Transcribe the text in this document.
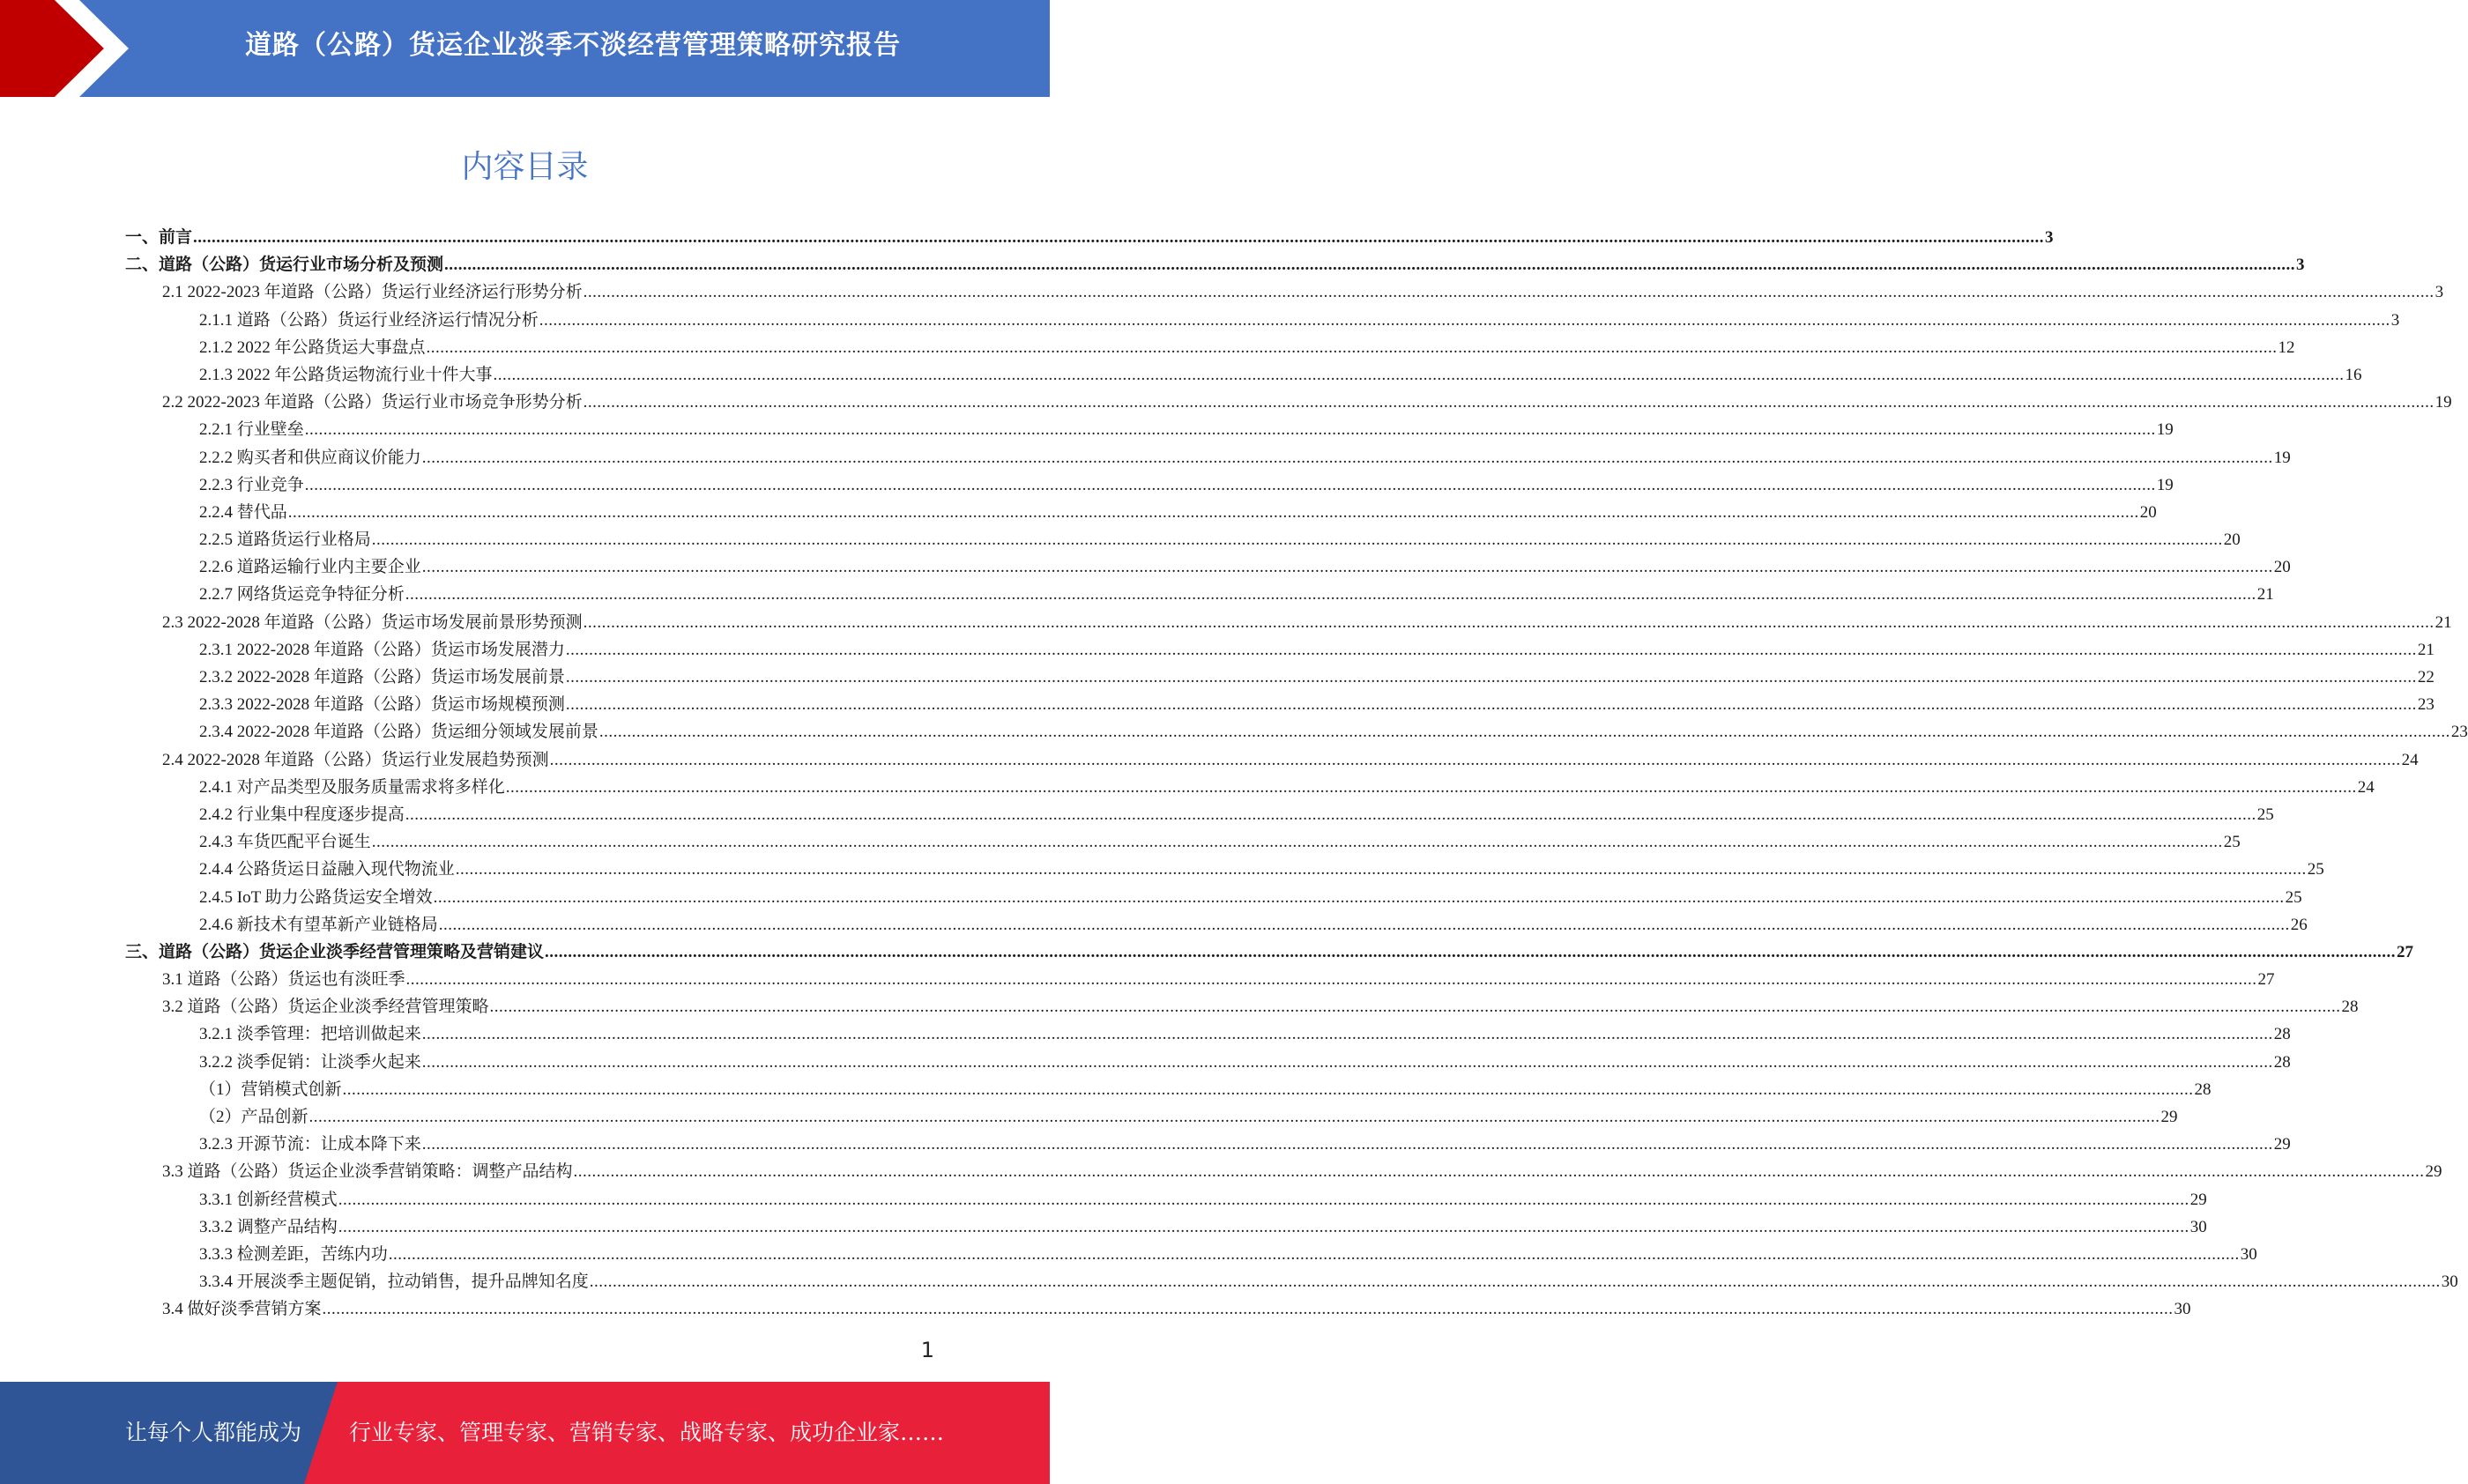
道路（公路）货运企业淡季不淡经营管理策略研究报告
内容目录
一、前言 ................................................................................................................................................................................................................................................................................................................................................................................................................ 3
二、道路（公路）货运行业市场分析及预测 ................................................................................................................................................................................................................................................................................................................................................................................................................ 3
2.1 2022-2023 年道路（公路）货运行业经济运行形势分析 ................................................................................................................................................................................................................................................................................................................................................................................................................ 3
2.1.1 道路（公路）货运行业经济运行情况分析 ................................................................................................................................................................................................................................................................................................................................................................................................................ 3
2.1.2 2022 年公路货运大事盘点 ................................................................................................................................................................................................................................................................................................................................................................................................................ 12
2.1.3 2022 年公路货运物流行业十件大事 ................................................................................................................................................................................................................................................................................................................................................................................................................ 16
2.2 2022-2023 年道路（公路）货运行业市场竞争形势分析 ................................................................................................................................................................................................................................................................................................................................................................................................................ 19
2.2.1 行业壁垒 ................................................................................................................................................................................................................................................................................................................................................................................................................ 19
2.2.2 购买者和供应商议价能力 ................................................................................................................................................................................................................................................................................................................................................................................................................ 19
2.2.3 行业竞争 ................................................................................................................................................................................................................................................................................................................................................................................................................ 19
2.2.4 替代品 ................................................................................................................................................................................................................................................................................................................................................................................................................ 20
2.2.5 道路货运行业格局 ................................................................................................................................................................................................................................................................................................................................................................................................................ 20
2.2.6 道路运输行业内主要企业 ................................................................................................................................................................................................................................................................................................................................................................................................................ 20
2.2.7 网络货运竞争特征分析 ................................................................................................................................................................................................................................................................................................................................................................................................................ 21
2.3 2022-2028 年道路（公路）货运市场发展前景形势预测 ................................................................................................................................................................................................................................................................................................................................................................................................................ 21
2.3.1 2022-2028 年道路（公路）货运市场发展潜力 ................................................................................................................................................................................................................................................................................................................................................................................................................ 21
2.3.2 2022-2028 年道路（公路）货运市场发展前景 ................................................................................................................................................................................................................................................................................................................................................................................................................ 22
2.3.3 2022-2028 年道路（公路）货运市场规模预测 ................................................................................................................................................................................................................................................................................................................................................................................................................ 23
2.3.4 2022-2028 年道路（公路）货运细分领域发展前景 ................................................................................................................................................................................................................................................................................................................................................................................................................ 23
2.4 2022-2028 年道路（公路）货运行业发展趋势预测 ................................................................................................................................................................................................................................................................................................................................................................................................................ 24
2.4.1 对产品类型及服务质量需求将多样化 ................................................................................................................................................................................................................................................................................................................................................................................................................ 24
2.4.2 行业集中程度逐步提高 ................................................................................................................................................................................................................................................................................................................................................................................................................ 25
2.4.3 车货匹配平台诞生 ................................................................................................................................................................................................................................................................................................................................................................................................................ 25
2.4.4 公路货运日益融入现代物流业 ................................................................................................................................................................................................................................................................................................................................................................................................................ 25
2.4.5 IoT 助力公路货运安全增效 ................................................................................................................................................................................................................................................................................................................................................................................................................ 25
2.4.6 新技术有望革新产业链格局 ................................................................................................................................................................................................................................................................................................................................................................................................................ 26
三、道路（公路）货运企业淡季经营管理策略及营销建议 ................................................................................................................................................................................................................................................................................................................................................................................................................ 27
3.1 道路（公路）货运也有淡旺季 ................................................................................................................................................................................................................................................................................................................................................................................................................ 27
3.2 道路（公路）货运企业淡季经营管理策略 ................................................................................................................................................................................................................................................................................................................................................................................................................ 28
3.2.1 淡季管理：把培训做起来 ................................................................................................................................................................................................................................................................................................................................................................................................................ 28
3.2.2 淡季促销：让淡季火起来 ................................................................................................................................................................................................................................................................................................................................................................................................................ 28
（1）营销模式创新 ................................................................................................................................................................................................................................................................................................................................................................................................................ 28
（2）产品创新 ................................................................................................................................................................................................................................................................................................................................................................................................................ 29
3.2.3 开源节流：让成本降下来 ................................................................................................................................................................................................................................................................................................................................................................................................................ 29
3.3 道路（公路）货运企业淡季营销策略：调整产品结构 ................................................................................................................................................................................................................................................................................................................................................................................................................ 29
3.3.1 创新经营模式 ................................................................................................................................................................................................................................................................................................................................................................................................................ 29
3.3.2 调整产品结构 ................................................................................................................................................................................................................................................................................................................................................................................................................ 30
3.3.3 检测差距，苦练内功 ................................................................................................................................................................................................................................................................................................................................................................................................................ 30
3.3.4 开展淡季主题促销，拉动销售，提升品牌知名度 ................................................................................................................................................................................................................................................................................................................................................................................................................ 30
3.4 做好淡季营销方案 ................................................................................................................................................................................................................................................................................................................................................................................................................ 30
1
让每个人都能成为 行业专家、管理专家、营销专家、战略专家、成功企业家……
